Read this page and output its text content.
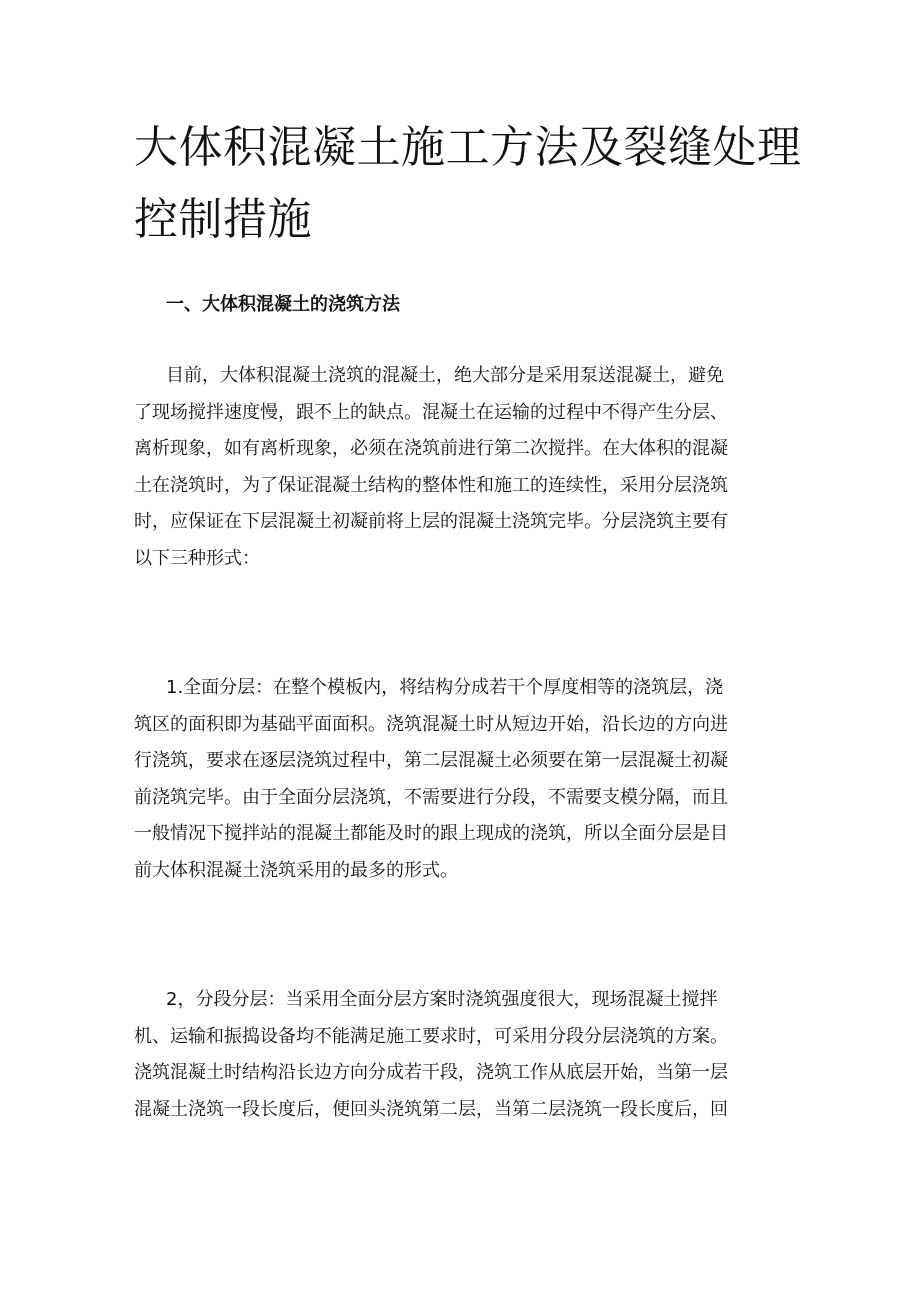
大体积混凝土施工方法及裂缝处理
控制措施
一、大体积混凝土的浇筑方法

目前，大体积混凝土浇筑的混凝土，绝大部分是采用泵送混凝土，避免
了现场搅拌速度慢，跟不上的缺点。混凝土在运输的过程中不得产生分层、
离析现象，如有离析现象，必须在浇筑前进行第二次搅拌。在大体积的混凝
土在浇筑时，为了保证混凝土结构的整体性和施工的连续性，采用分层浇筑
时，应保证在下层混凝土初凝前将上层的混凝土浇筑完毕。分层浇筑主要有
以下三种形式：

1.全面分层：在整个模板内，将结构分成若干个厚度相等的浇筑层，浇
筑区的面积即为基础平面面积。浇筑混凝土时从短边开始，沿长边的方向进
行浇筑，要求在逐层浇筑过程中，第二层混凝土必须要在第一层混凝土初凝
前浇筑完毕。由于全面分层浇筑，不需要进行分段，不需要支模分隔，而且
一般情况下搅拌站的混凝土都能及时的跟上现成的浇筑，所以全面分层是目
前大体积混凝土浇筑采用的最多的形式。

2，分段分层：当采用全面分层方案时浇筑强度很大，现场混凝土搅拌
机、运输和振捣设备均不能满足施工要求时，可采用分段分层浇筑的方案。
浇筑混凝土时结构沿长边方向分成若干段，浇筑工作从底层开始，当第一层
混凝土浇筑一段长度后，便回头浇筑第二层，当第二层浇筑一段长度后，回
